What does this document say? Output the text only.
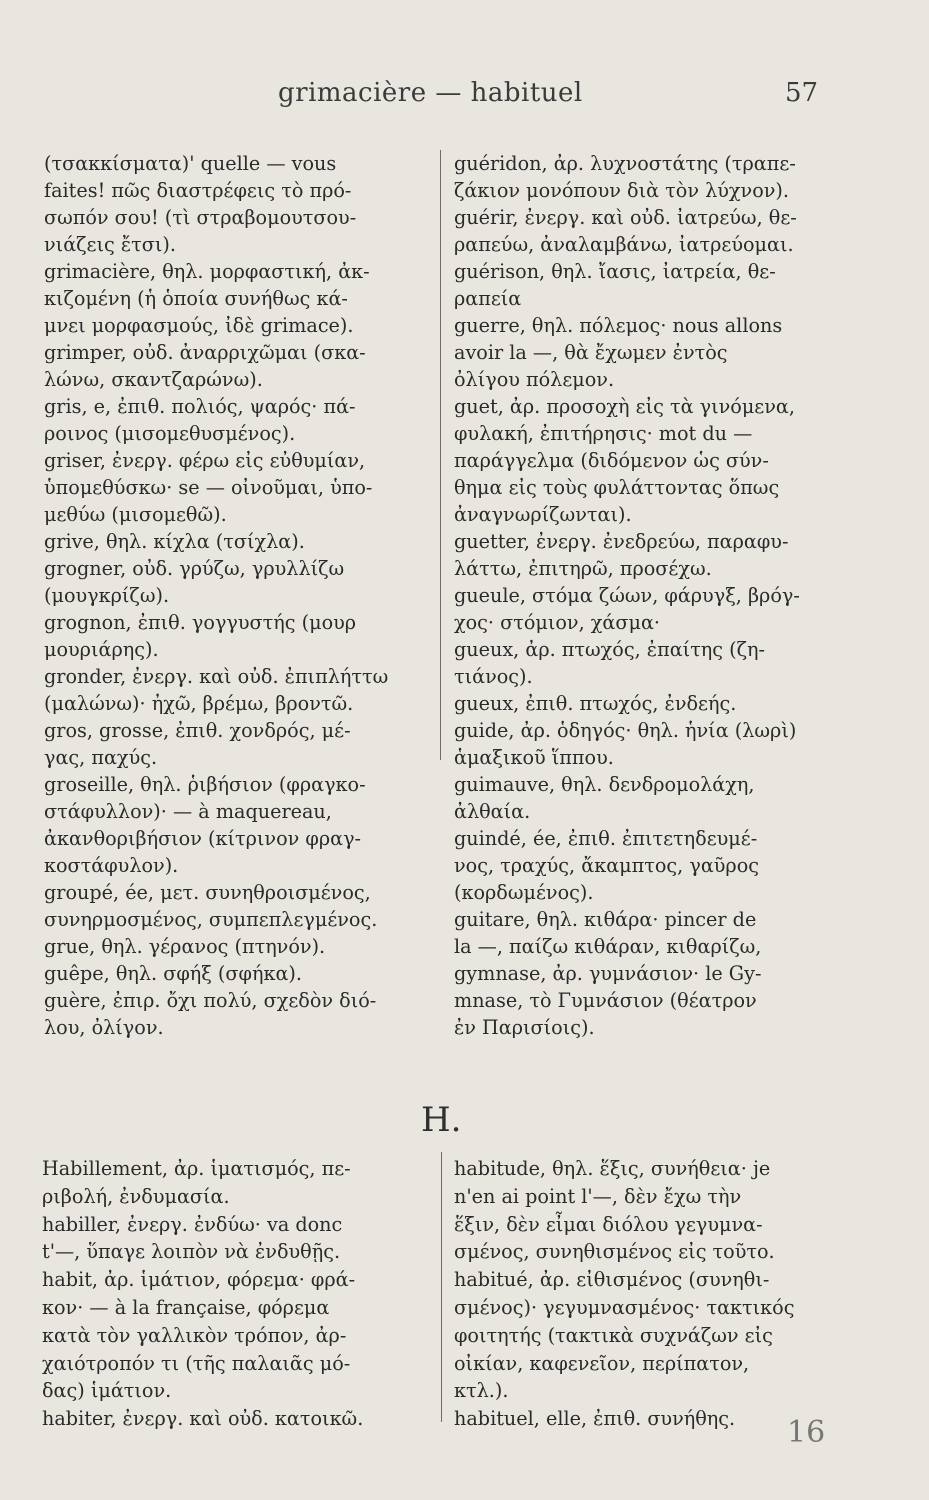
grimacière — habituel	57
(τσακκίσματα)' quelle — vous
faites! πῶς διαστρέφεις τὸ πρό-
σωπόν σου! (τὶ στραβομουτσου-
νιάζεις ἔτσι).
grimacière, θηλ. μορφαστική, ἀκ-
κιζομένη (ἡ ὁποία συνήθως κά-
μνει μορφασμούς, ἰδὲ grimace).
grimper, οὐδ. ἀναρριχῶμαι (σκα-
λώνω, σκαντζαρώνω).
gris, e, ἐπιθ. πολιός, ψαρός· πά-
ροινος (μισομεθυσμένος).
griser, ἐνεργ. φέρω εἰς εὐθυμίαν,
ὑπομεθύσκω· se — οἰνοῦμαι, ὑπο-
μεθύω (μισομεθῶ).
grive, θηλ. κίχλα (τσίχλα).
grogner, οὐδ. γρύζω, γρυλλίζω
(μουγκρίζω).
grognon, ἐπιθ. γογγυστής (μουρ
μουριάρης).
gronder, ἐνεργ. καὶ οὐδ. ἐπιπλήττω
(μαλώνω)· ἠχῶ, βρέμω, βροντῶ.
gros, grosse, ἐπιθ. χονδρός, μέ-
γας, παχύς.
groseille, θηλ. ῥιβήσιον (φραγκο-
στάφυλλον)· — à maquereau,
ἀκανθοριβήσιον (κίτρινον φραγ-
κοστάφυλον).
groupé, ée, μετ. συνηθροισμένος,
συνηρμοσμένος, συμπεπλεγμένος.
grue, θηλ. γέρανος (πτηνόν).
guêpe, θηλ. σφήξ (σφήκα).
guère, ἐπιρ. ὄχι πολύ, σχεδὸν διό-
λου, ὀλίγον.
guéridon, ἀρ. λυχνοστάτης (τραπε-
ζάκιον μονόπουν διὰ τὸν λύχνον).
guérir, ἐνεργ. καὶ οὐδ. ἰατρεύω, θε-
ραπεύω, ἀναλαμβάνω, ἰατρεύομαι.
guérison, θηλ. ἴασις, ἰατρεία, θε-
ραπεία
guerre, θηλ. πόλεμος· nous allons
avoir la —, θὰ ἔχωμεν ἐντὸς
ὀλίγου πόλεμον.
guet, ἀρ. προσοχὴ εἰς τὰ γινόμενα,
φυλακή, ἐπιτήρησις· mot du —
παράγγελμα (διδόμενον ὡς σύν-
θημα εἰς τοὺς φυλάττοντας ὅπως
ἀναγνωρίζωνται).
guetter, ἐνεργ. ἐνεδρεύω, παραφυ-
λάττω, ἐπιτηρῶ, προσέχω.
gueule, στόμα ζώων, φάρυγξ, βρόγ-
χος· στόμιον, χάσμα·
gueux, ἀρ. πτωχός, ἐπαίτης (ζη-
τιάνος).
gueux, ἐπιθ. πτωχός, ἐνδεής.
guide, ἀρ. ὁδηγός· θηλ. ἡνία (λωρὶ)
ἁμαξικοῦ ἵππου.
guimauve, θηλ. δενδρομολάχη,
ἀλθαία.
guindé, ée, ἐπιθ. ἐπιτετηδευμέ-
νος, τραχύς, ἄκαμπτος, γαῦρος
(κορδωμένος).
guitare, θηλ. κιθάρα· pincer de
la —, παίζω κιθάραν, κιθαρίζω,
gymnase, ἀρ. γυμνάσιον· le Gy-
mnase, τὸ Γυμνάσιον (θέατρον
ἐν Παρισίοις).
H.
Habillement, ἀρ. ἱματισμός, πε-
ριβολή, ἐνδυμασία.
habiller, ἐνεργ. ἐνδύω· va donc
t'—, ὕπαγε λοιπὸν νὰ ἐνδυθῇς.
habit, ἀρ. ἱμάτιον, φόρεμα· φρά-
κον· — à la française, φόρεμα
κατὰ τὸν γαλλικὸν τρόπον, ἀρ-
χαιότροπόν τι (τῆς παλαιᾶς μό-
δας) ἱμάτιον.
habiter, ἐνεργ. καὶ οὐδ. κατοικῶ.
habitude, θηλ. ἕξις, συνήθεια· je
n'en ai point l'—, δὲν ἔχω τὴν
ἕξιν, δὲν εἶμαι διόλου γεγυμνα-
σμένος, συνηθισμένος εἰς τοῦτο.
habitué, ἀρ. εἰθισμένος (συνηθι-
σμένος)· γεγυμνασμένος· τακτικός
φοιτητής (τακτικὰ συχνάζων εἰς
οἰκίαν, καφενεῖον, περίπατον,
κτλ.).
habituel, elle, ἐπιθ. συνήθης.	16
